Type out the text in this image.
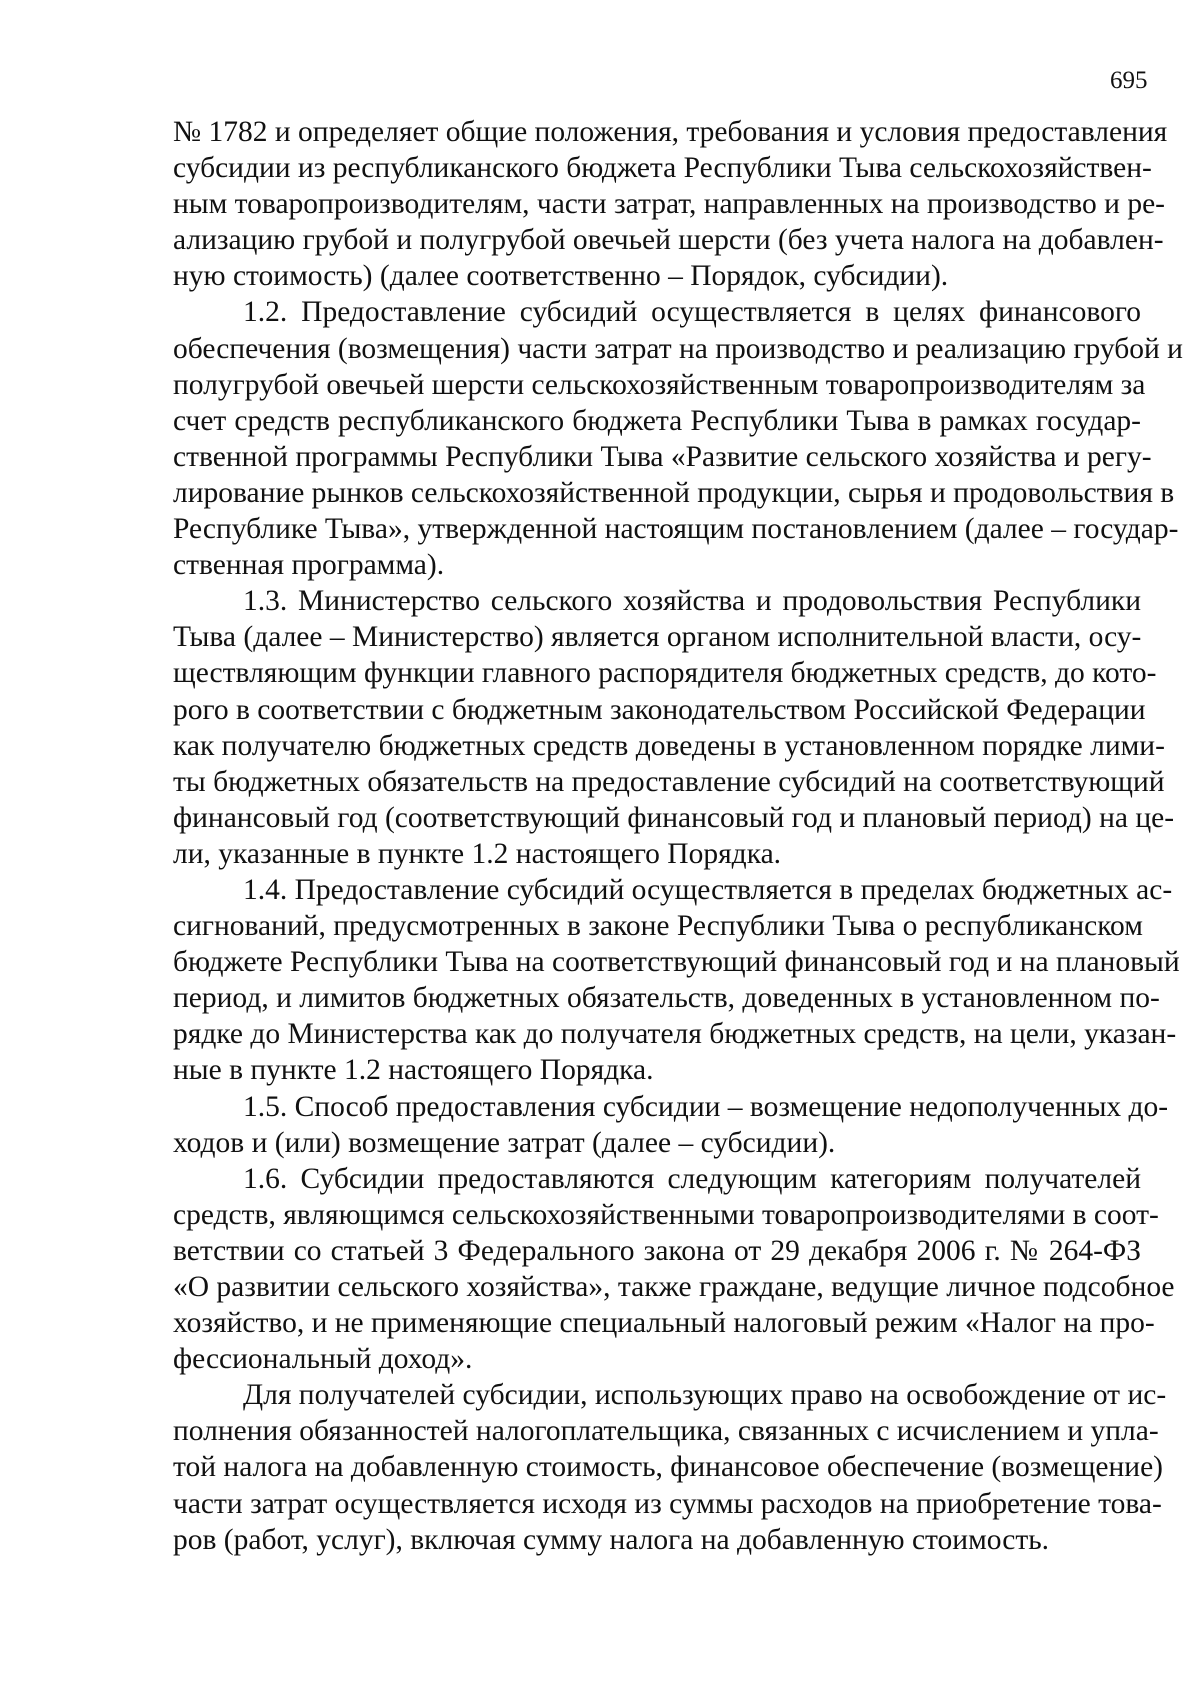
695
№ 1782 и определяет общие положения, требования и условия предоставления
субсидии из республиканского бюджета Республики Тыва сельскохозяйствен-
ным товаропроизводителям, части затрат, направленных на производство и ре-
ализацию грубой и полугрубой овечьей шерсти (без учета налога на добавлен-
ную стоимость) (далее соответственно – Порядок, субсидии).
1.2. Предоставление субсидий осуществляется в целях финансового
обеспечения (возмещения) части затрат на производство и реализацию грубой и
полугрубой овечьей шерсти сельскохозяйственным товаропроизводителям за
счет средств республиканского бюджета Республики Тыва в рамках государ-
ственной программы Республики Тыва «Развитие сельского хозяйства и регу-
лирование рынков сельскохозяйственной продукции, сырья и продовольствия в
Республике Тыва», утвержденной настоящим постановлением (далее – государ-
ственная программа).
1.3. Министерство сельского хозяйства и продовольствия Республики
Тыва (далее – Министерство) является органом исполнительной власти, осу-
ществляющим функции главного распорядителя бюджетных средств, до кото-
рого в соответствии с бюджетным законодательством Российской Федерации
как получателю бюджетных средств доведены в установленном порядке лими-
ты бюджетных обязательств на предоставление субсидий на соответствующий
финансовый год (соответствующий финансовый год и плановый период) на це-
ли, указанные в пункте 1.2 настоящего Порядка.
1.4. Предоставление субсидий осуществляется в пределах бюджетных ас-
сигнований, предусмотренных в законе Республики Тыва о республиканском
бюджете Республики Тыва на соответствующий финансовый год и на плановый
период, и лимитов бюджетных обязательств, доведенных в установленном по-
рядке до Министерства как до получателя бюджетных средств, на цели, указан-
ные в пункте 1.2 настоящего Порядка.
1.5. Способ предоставления субсидии – возмещение недополученных до-
ходов и (или) возмещение затрат (далее – субсидии).
1.6. Субсидии предоставляются следующим категориям получателей
средств, являющимся сельскохозяйственными товаропроизводителями в соот-
ветствии со статьей 3 Федерального закона от 29 декабря 2006 г. № 264-ФЗ
«О развитии сельского хозяйства», также граждане, ведущие личное подсобное
хозяйство, и не применяющие специальный налоговый режим «Налог на про-
фессиональный доход».
Для получателей субсидии, использующих право на освобождение от ис-
полнения обязанностей налогоплательщика, связанных с исчислением и упла-
той налога на добавленную стоимость, финансовое обеспечение (возмещение)
части затрат осуществляется исходя из суммы расходов на приобретение това-
ров (работ, услуг), включая сумму налога на добавленную стоимость.
